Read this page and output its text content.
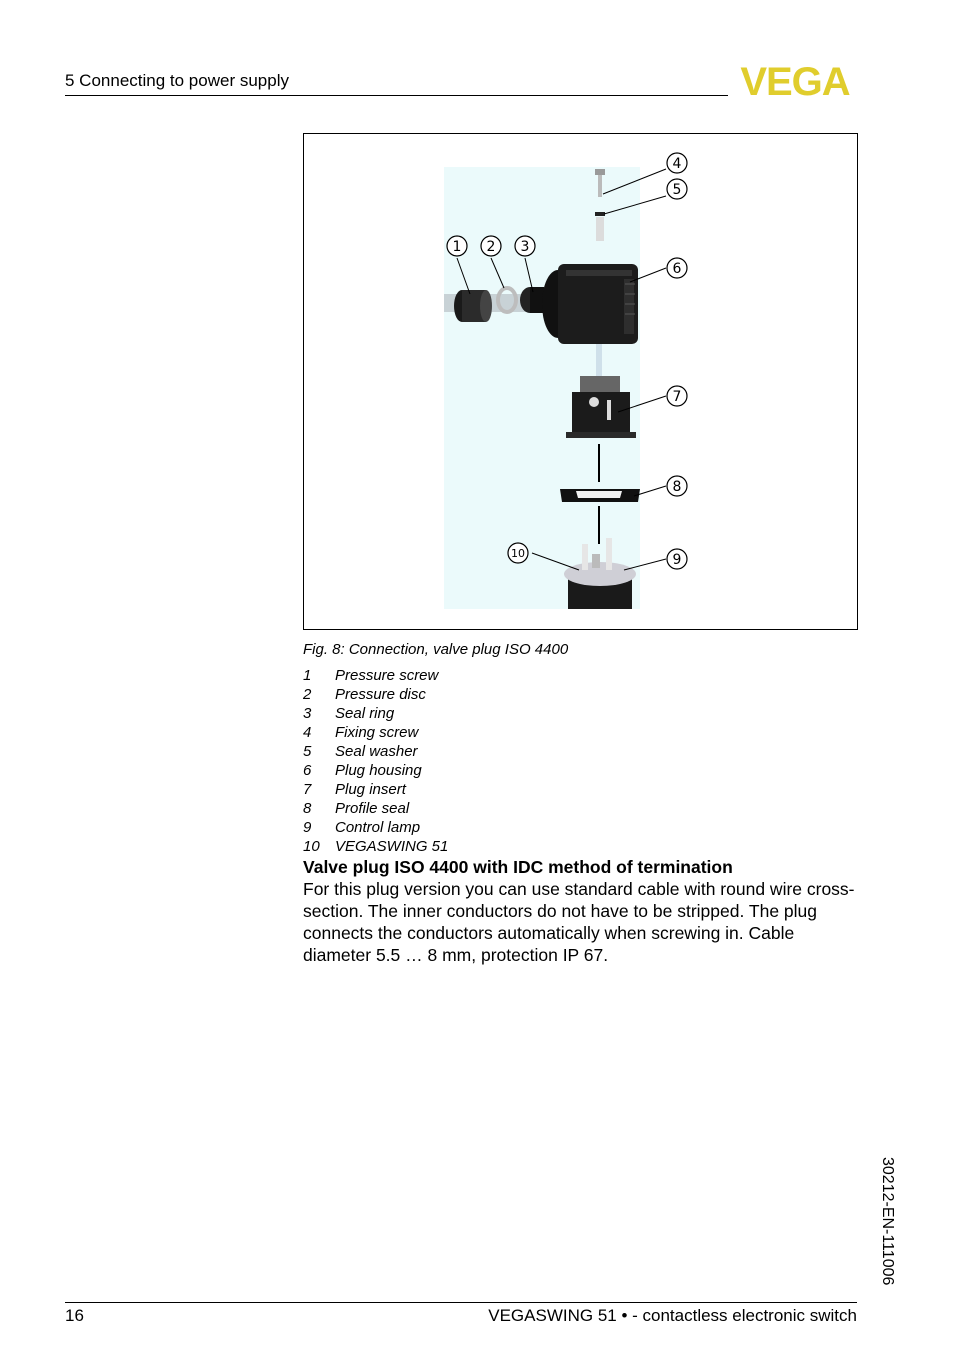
5 Connecting to power supply	VEGA
1 2 3
4
5
6
7
8
9
10
Fig. 8: Connection, valve plug ISO 4400
1	Pressure screw
2	Pressure disc
3	Seal ring
4	Fixing screw
5	Seal washer
6	Plug housing
7	Plug insert
8	Profile seal
9	Control lamp
10	VEGASWING 51
Valve plug ISO 4400 with IDC method of termination
For this plug version you can use standard cable with round wire cross-section. The inner conductors do not have to be stripped. The plug connects the conductors automatically when screwing in. Cable diameter 5.5 … 8 mm, protection IP 67.
30212-EN-111006
16	VEGASWING 51 • - contactless electronic switch
